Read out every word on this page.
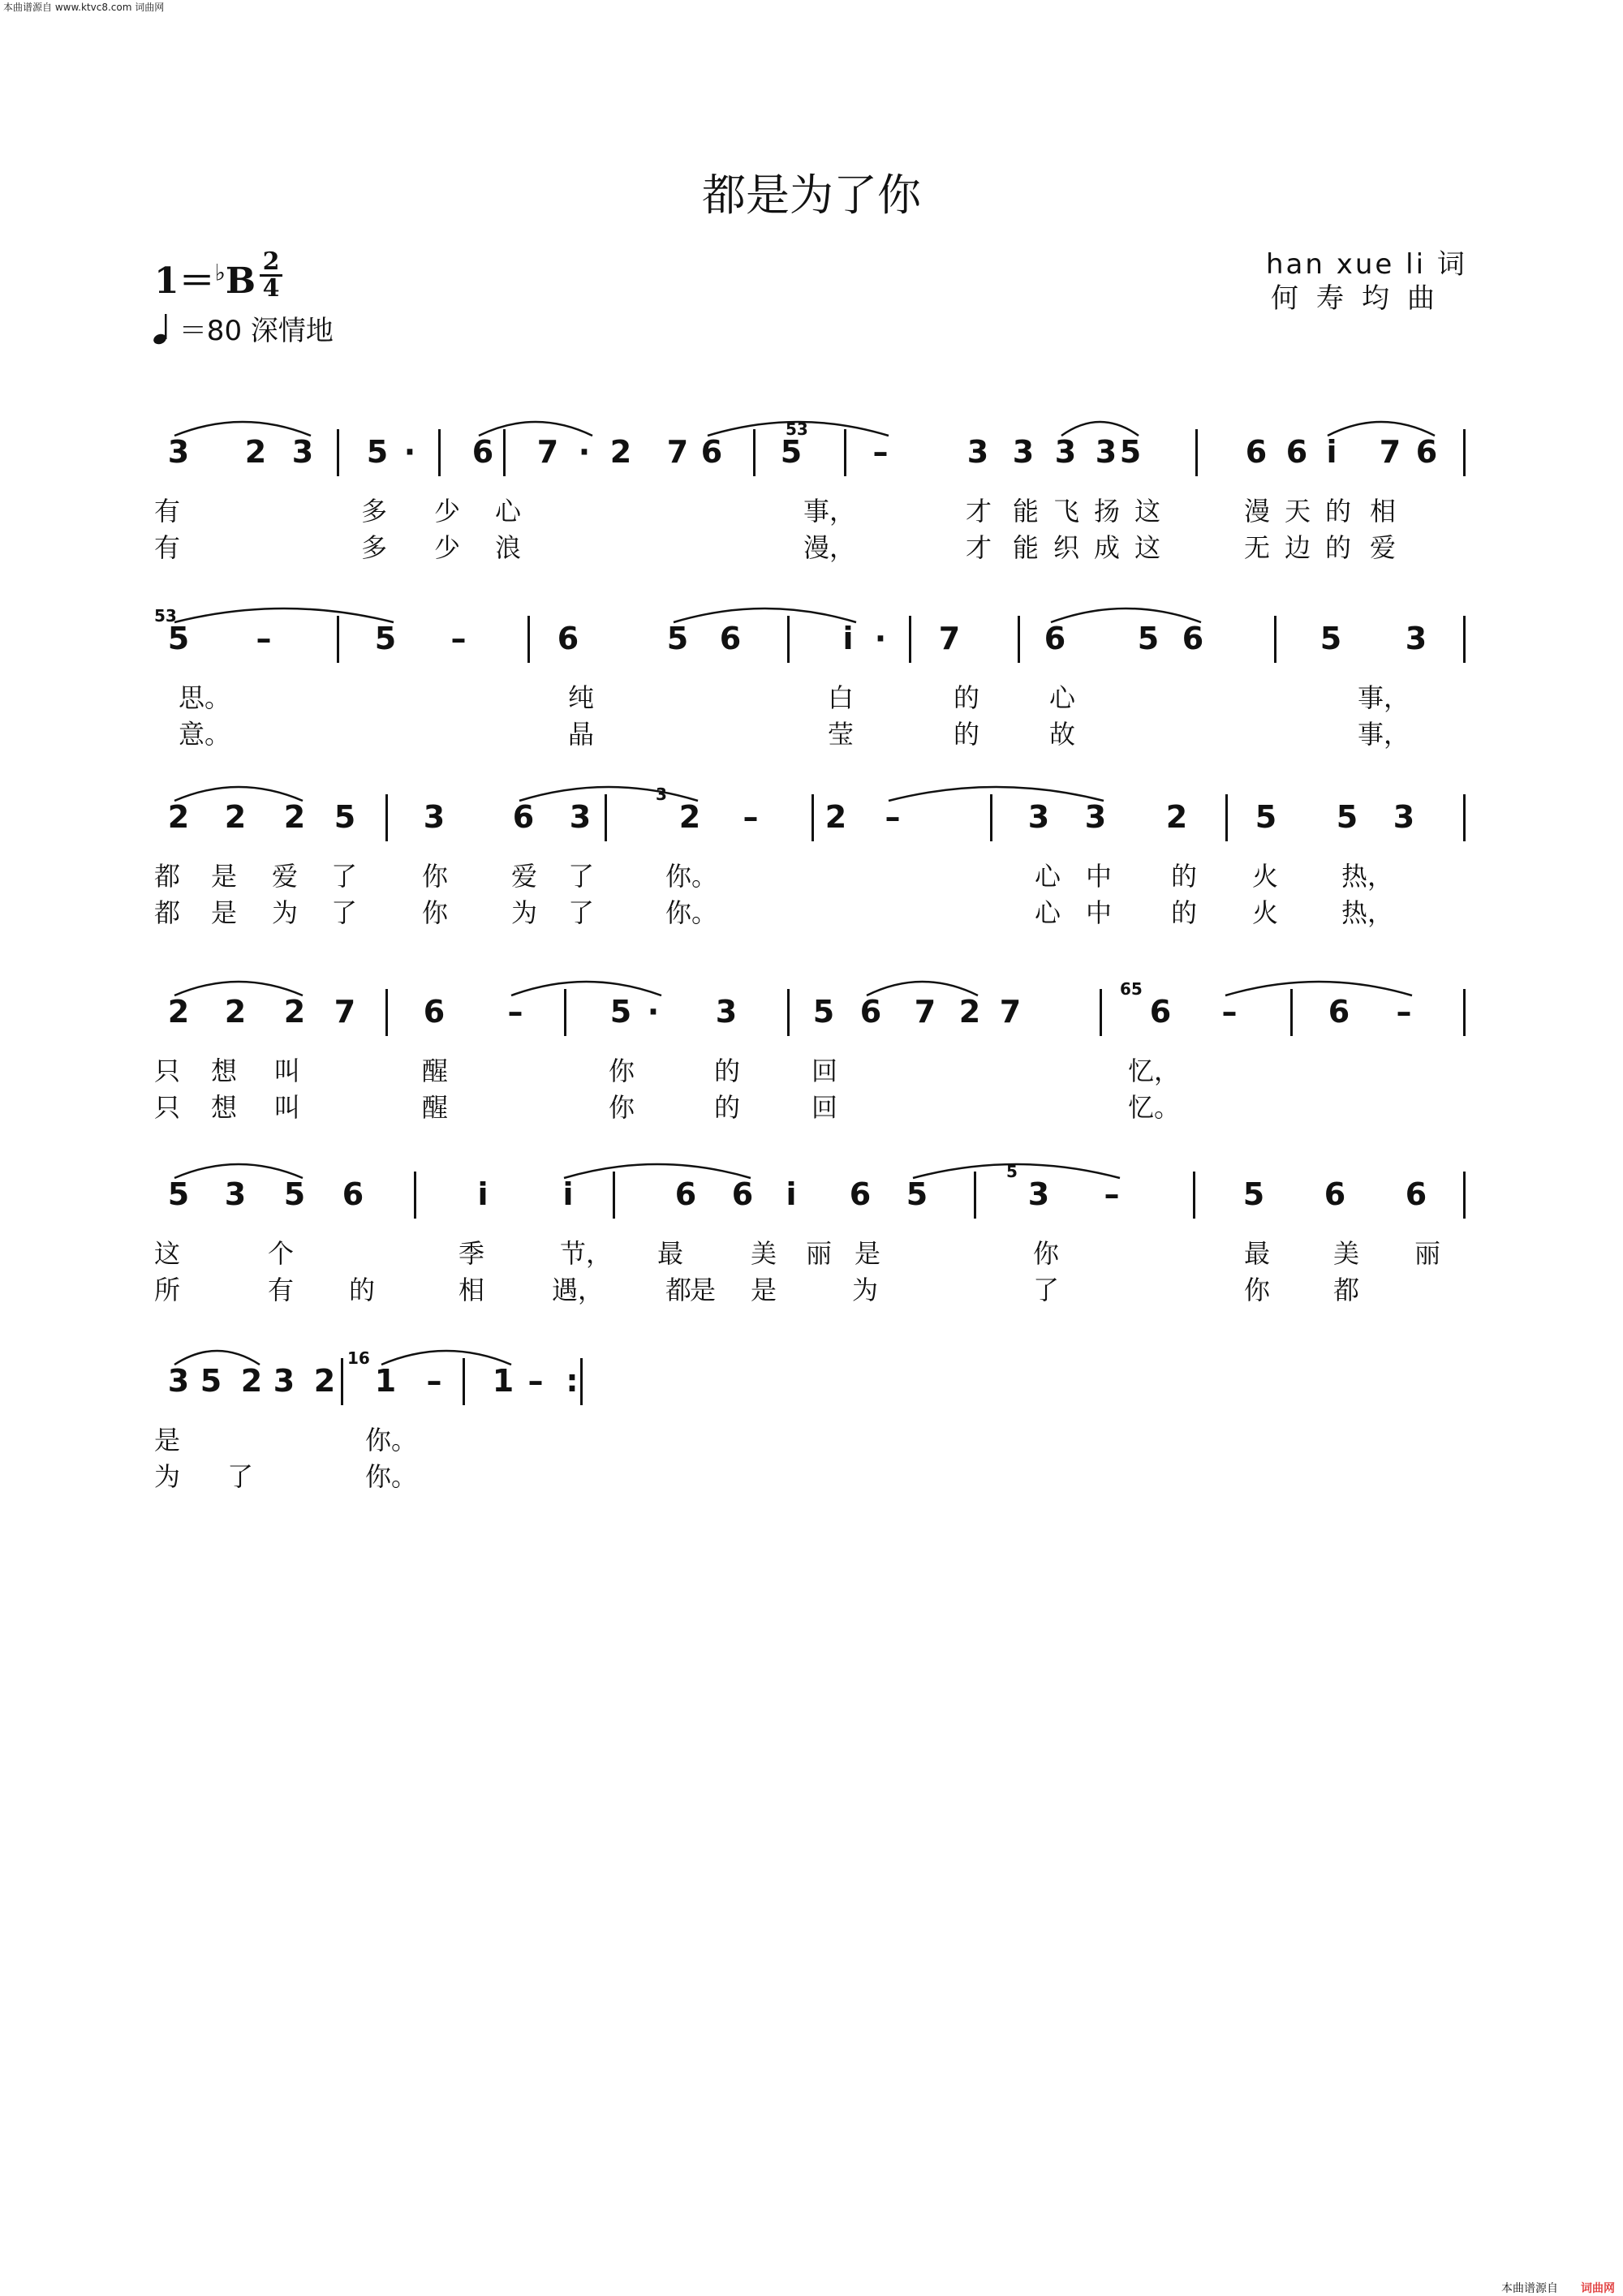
本曲谱源自 www.ktvc8.com 词曲网
都是为了你
1＝♭B 2
4
＝80 深情地
han xue li 词
何寿均曲
3 2 3 5 · 6 7 · 2 7 6 5 –	3 3 3 3 5	6 6 i 7 6
53
有	多 少 心	事，	才 能 飞 扬 这	漫 天 的 相
有	多 少 浪	漫，	才 能 织 成 这	无 边 的 爱
5 –	5 –	6	5 6	i · 7	6 5 6	5 3
53
思。	纯	白	的	心	事，
意。	晶	莹	的	故	事，
2 2 2 5 3 6 3	2 – 2 –	3 3 2 5 5 3
3
都 是 爱 了 你 爱 了	你。	心 中 的 火 热，
都 是 为 了 你 为 了	你。	心 中 的 火 热，
2 2 2 7 6 –	5 · 3 5 6 7 2 7	6 –	6 –
65
只 想 叫	醒	你	的	回	忆，
只 想 叫	醒	你	的	回	忆。
5 3 5 6	i i	6 6 i 6 5	3 –	5 6 6
5
这	个	季	节， 最	美 丽 是	你	最 美 丽
所	有 的	相	遇， 都 是	为	了	你 都
是
3 5 2 3 2 1 – 1 – :
16
是	你。
为 了	你。
本曲谱源自 词曲网
